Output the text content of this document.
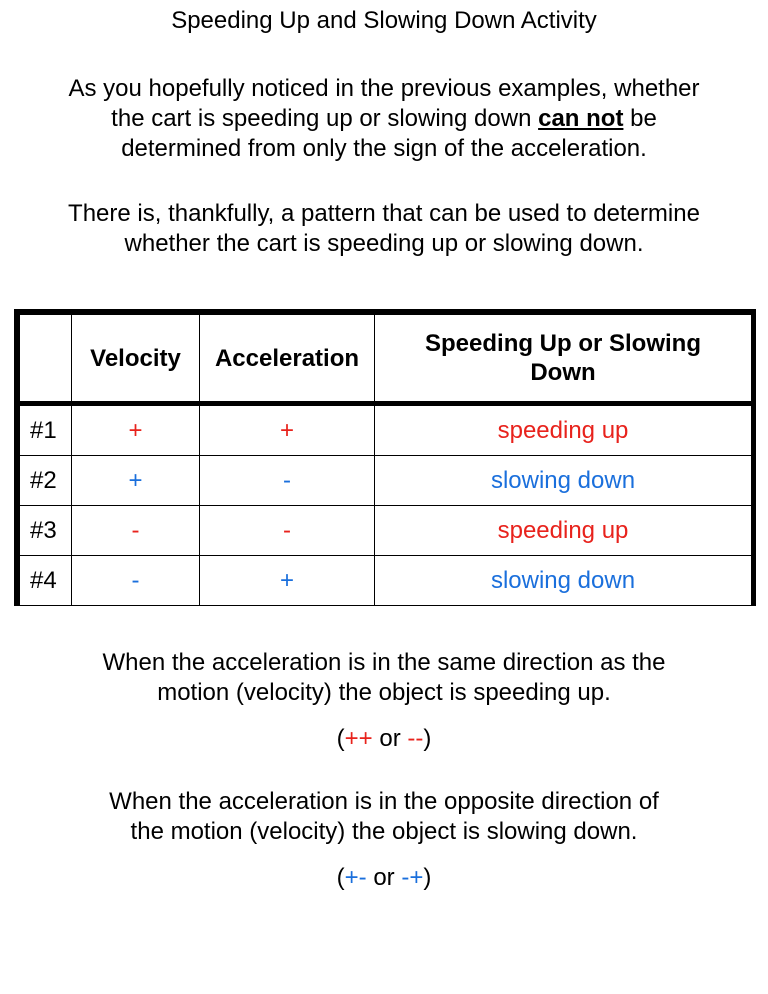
Speeding Up and Slowing Down Activity
As you hopefully noticed in the previous examples, whether
the cart is speeding up or slowing down can not be
determined from only the sign of the acceleration.
There is, thankfully, a pattern that can be used to determine
whether the cart is speeding up or slowing down.
	Velocity	Acceleration	Speeding Up or Slowing
Down

#1	+	+	speeding up
#2	+	-	slowing down
#3	-	-	speeding up
#4	-	+	slowing down
When the acceleration is in the same direction as the
motion (velocity) the object is speeding up.
(++ or --)
When the acceleration is in the opposite direction of
the motion (velocity) the object is slowing down.
(+- or -+)
